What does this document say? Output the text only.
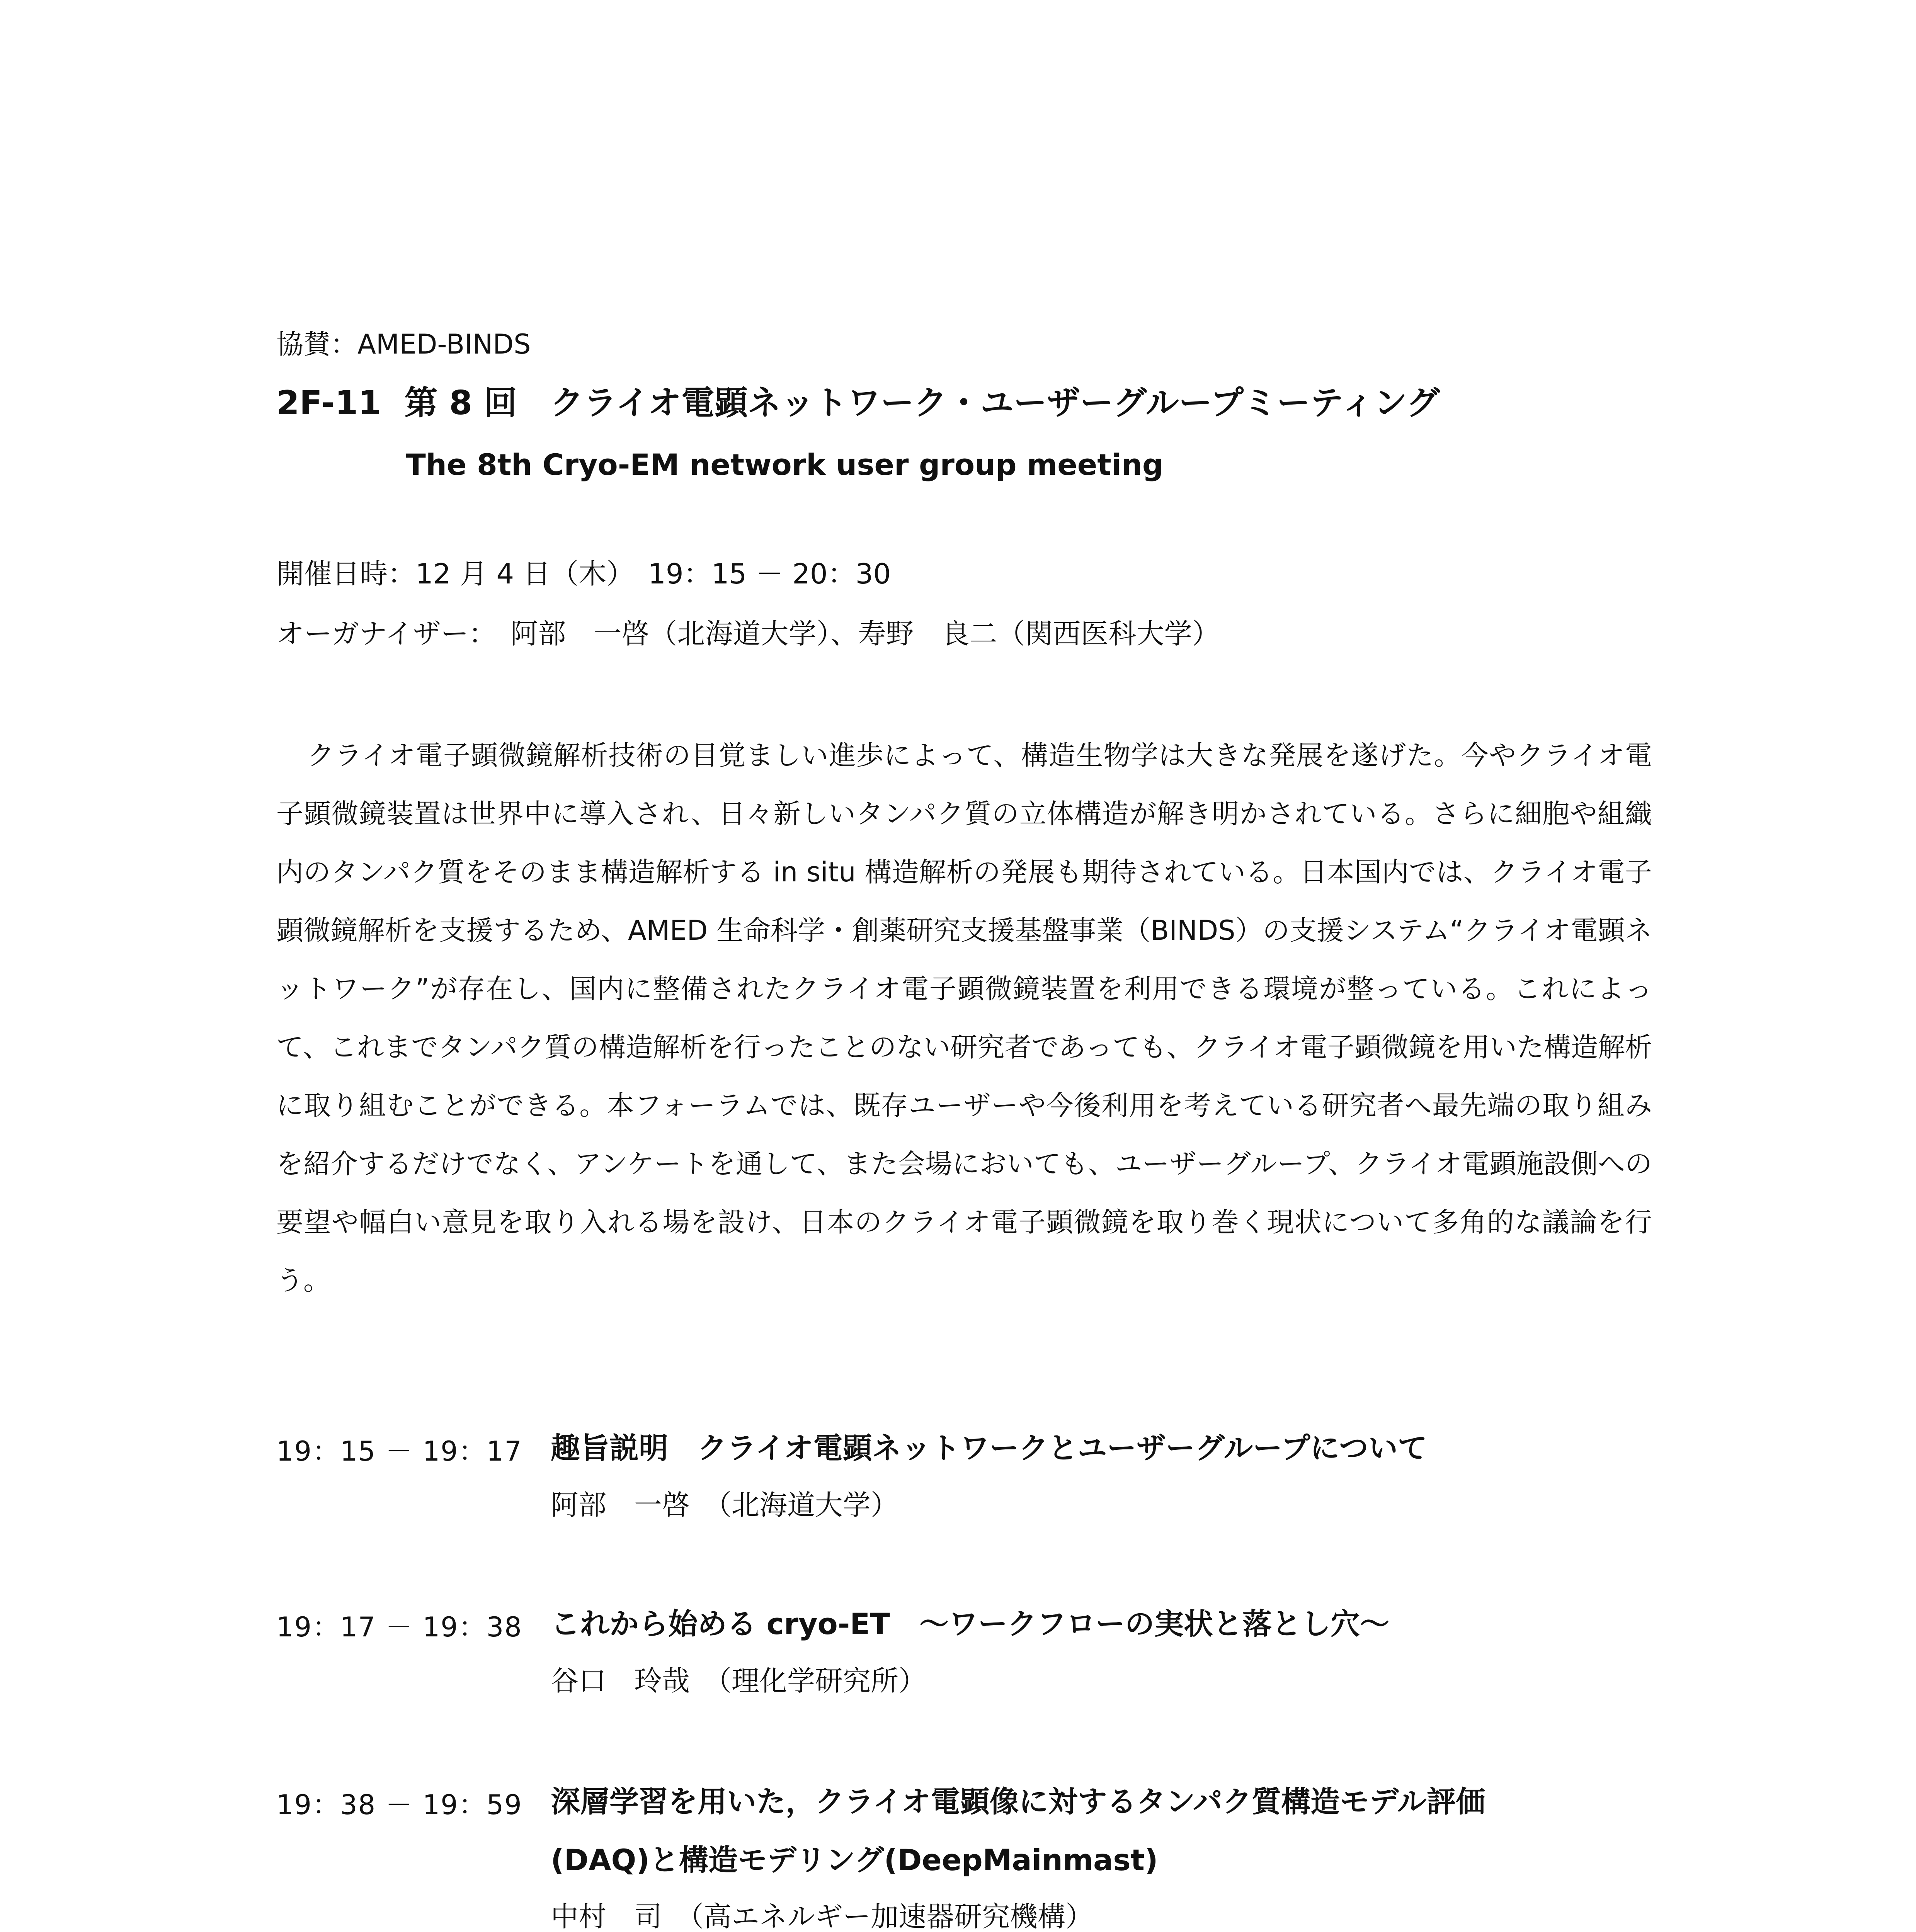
協賛：AMED-BINDS
2F-11 第 8 回　クライオ電顕ネットワーク・ユーザーグループミーティング
The 8th Cryo-EM network user group meeting
開催日時：12 月 4 日（木）　19：15 － 20：30
オーガナイザー：　阿部　一啓（北海道大学）、寿野　良二（関西医科大学）

クライオ電子顕微鏡解析技術の目覚ましい進歩によって、構造生物学は大きな発展を遂げた。今やクライオ電子顕微鏡装置は世界中に導入され、日々新しいタンパク質の立体構造が解き明かされている。さらに細胞や組織内のタンパク質をそのまま構造解析する in situ 構造解析の発展も期待されている。日本国内では、クライオ電子顕微鏡解析を支援するため、AMED 生命科学・創薬研究支援基盤事業（BINDS）の支援システム“クライオ電顕ネットワーク”が存在し、国内に整備されたクライオ電子顕微鏡装置を利用できる環境が整っている。これによって、これまでタンパク質の構造解析を行ったことのない研究者であっても、クライオ電子顕微鏡を用いた構造解析に取り組むことができる。本フォーラムでは、既存ユーザーや今後利用を考えている研究者へ最先端の取り組みを紹介するだけでなく、アンケートを通して、また会場においても、ユーザーグループ、クライオ電顕施設側への要望や幅白い意見を取り入れる場を設け、日本のクライオ電子顕微鏡を取り巻く現状について多角的な議論を行う。

19：15 － 19：17 趣旨説明　クライオ電顕ネットワークとユーザーグループについて
阿部　一啓　（北海道大学）
19：17 － 19：38 これから始める cryo-ET　～ワークフローの実状と落とし穴～
谷口　玲哉　（理化学研究所）
19：38 － 19：59 深層学習を用いた，クライオ電顕像に対するタンパク質構造モデル評価
(DAQ)と構造モデリング(DeepMainmast)
中村　司　（高エネルギー加速器研究機構）
